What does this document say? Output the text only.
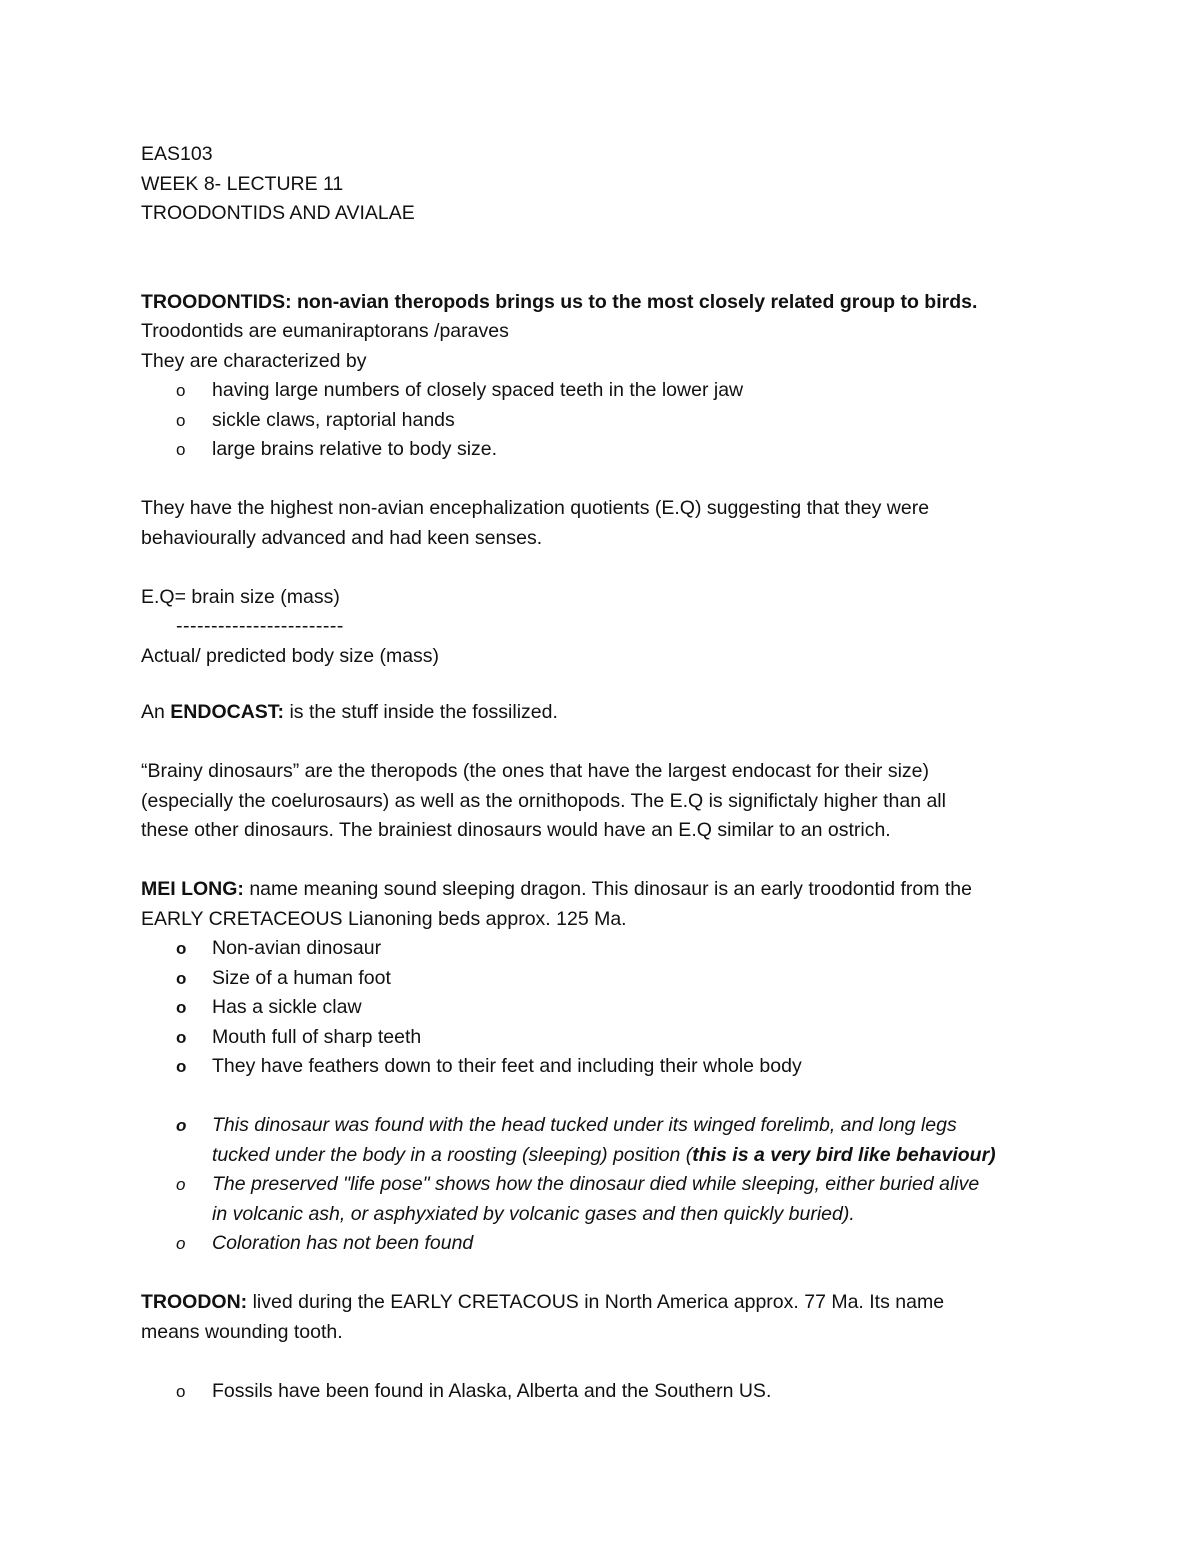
EAS103
WEEK 8- LECTURE 11
TROODONTIDS AND AVIALAE
TROODONTIDS: non-avian theropods brings us to the most closely related group to birds.
Troodontids are eumaniraptorans /paraves
They are characterized by
o having large numbers of closely spaced teeth in the lower jaw
o sickle claws, raptorial hands
o large brains relative to body size.
They have the highest non-avian encephalization quotients (E.Q) suggesting that they were
behaviourally advanced and had keen senses.
E.Q= brain size (mass)
------------------------
Actual/ predicted body size (mass)
An ENDOCAST: is the stuff inside the fossilized.
“Brainy dinosaurs” are the theropods (the ones that have the largest endocast for their size)
(especially the coelurosaurs) as well as the ornithopods. The E.Q is significtaly higher than all
these other dinosaurs. The brainiest dinosaurs would have an E.Q similar to an ostrich.
MEI LONG: name meaning sound sleeping dragon. This dinosaur is an early troodontid from the
EARLY CRETACEOUS Lianoning beds approx. 125 Ma.
o Non-avian dinosaur
o Size of a human foot
o Has a sickle claw
o Mouth full of sharp teeth
o They have feathers down to their feet and including their whole body
o This dinosaur was found with the head tucked under its winged forelimb, and long legs
tucked under the body in a roosting (sleeping) position (this is a very bird like behaviour)
o The preserved "life pose" shows how the dinosaur died while sleeping, either buried alive
in volcanic ash, or asphyxiated by volcanic gases and then quickly buried).
o Coloration has not been found
TROODON: lived during the EARLY CRETACOUS in North America approx. 77 Ma. Its name
means wounding tooth.
o Fossils have been found in Alaska, Alberta and the Southern US.
